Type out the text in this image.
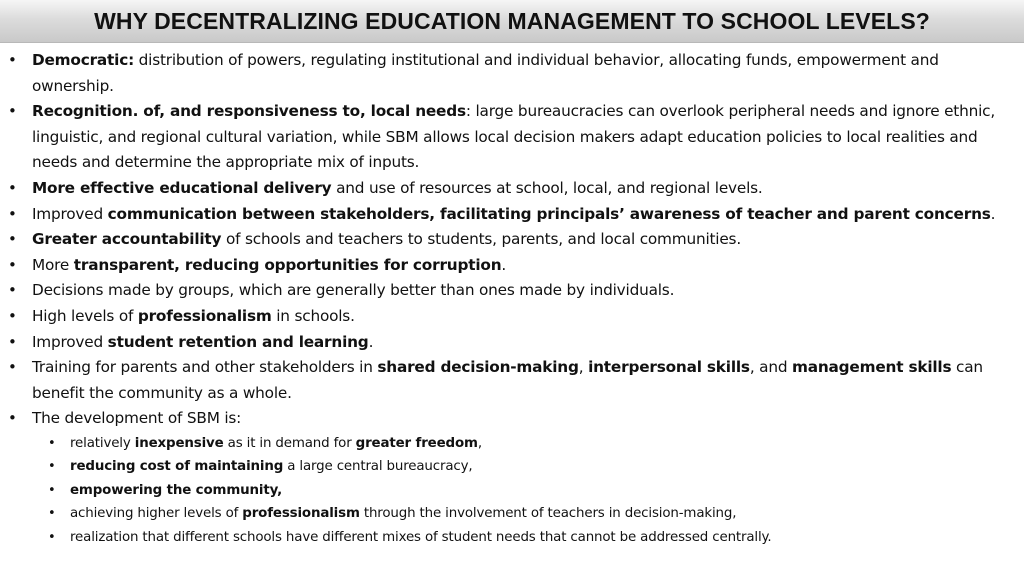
WHY DECENTRALIZING EDUCATION MANAGEMENT TO SCHOOL LEVELS?
•	Democratic: distribution of powers, regulating institutional and individual behavior, allocating funds, empowerment and ownership.
•	Recognition. of, and responsiveness to, local needs: large bureaucracies can overlook peripheral needs and ignore ethnic, linguistic, and regional cultural variation, while SBM allows local decision makers adapt education policies to local realities and needs and determine the appropriate mix of inputs.
•	More effective educational delivery and use of resources at school, local, and regional levels.
•	Improved communication between stakeholders, facilitating principals’ awareness of teacher and parent concerns.
•	Greater accountability of schools and teachers to students, parents, and local communities.
•	More transparent, reducing opportunities for corruption.
•	Decisions made by groups, which are generally better than ones made by individuals.
•	High levels of professionalism in schools.
•	Improved student retention and learning.
•	Training for parents and other stakeholders in shared decision-making, interpersonal skills, and management skills can benefit the community as a whole.
•	The development of SBM is:
•	relatively inexpensive as it in demand for greater freedom,
•	reducing cost of maintaining a large central bureaucracy,
•	empowering the community,
•	achieving higher levels of professionalism through the involvement of teachers in decision-making,
•	realization that different schools have different mixes of student needs that cannot be addressed centrally.
